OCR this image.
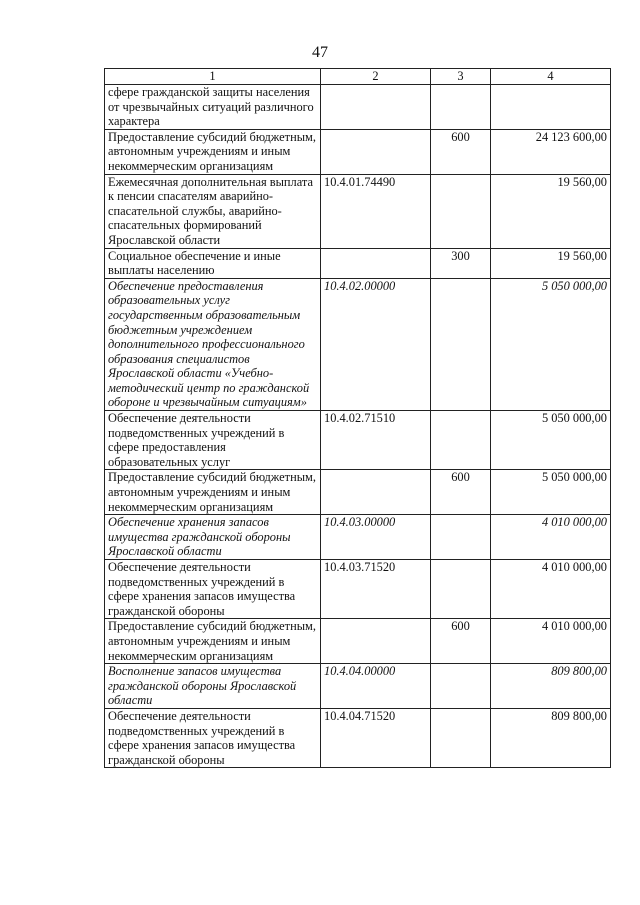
47
1	2	3	4
сфере гражданской защиты населения от чрезвычайных ситуаций различного характера			
Предоставление субсидий бюджетным, автономным учреждениям и иным некоммерческим организациям		600	24 123 600,00
Ежемесячная дополнительная выплата к пенсии спасателям аварийно-спасательной службы, аварийно-спасательных формирований Ярославской области	10.4.01.74490		19 560,00
Социальное обеспечение и иные выплаты населению		300	19 560,00
Обеспечение предоставления образовательных услуг государственным образовательным бюджетным учреждением дополнительного профессионального образования специалистов Ярославской области «Учебно-методический центр по гражданской обороне и чрезвычайным ситуациям»	10.4.02.00000		5 050 000,00
Обеспечение деятельности подведомственных учреждений в сфере предоставления образовательных услуг	10.4.02.71510		5 050 000,00
Предоставление субсидий бюджетным, автономным учреждениям и иным некоммерческим организациям		600	5 050 000,00
Обеспечение хранения запасов имущества гражданской обороны Ярославской области	10.4.03.00000		4 010 000,00
Обеспечение деятельности подведомственных учреждений в сфере хранения запасов имущества гражданской обороны	10.4.03.71520		4 010 000,00
Предоставление субсидий бюджетным, автономным учреждениям и иным некоммерческим организациям		600	4 010 000,00
Восполнение запасов имущества гражданской обороны Ярославской области	10.4.04.00000		809 800,00
Обеспечение деятельности подведомственных учреждений в сфере хранения запасов имущества гражданской обороны	10.4.04.71520		809 800,00
